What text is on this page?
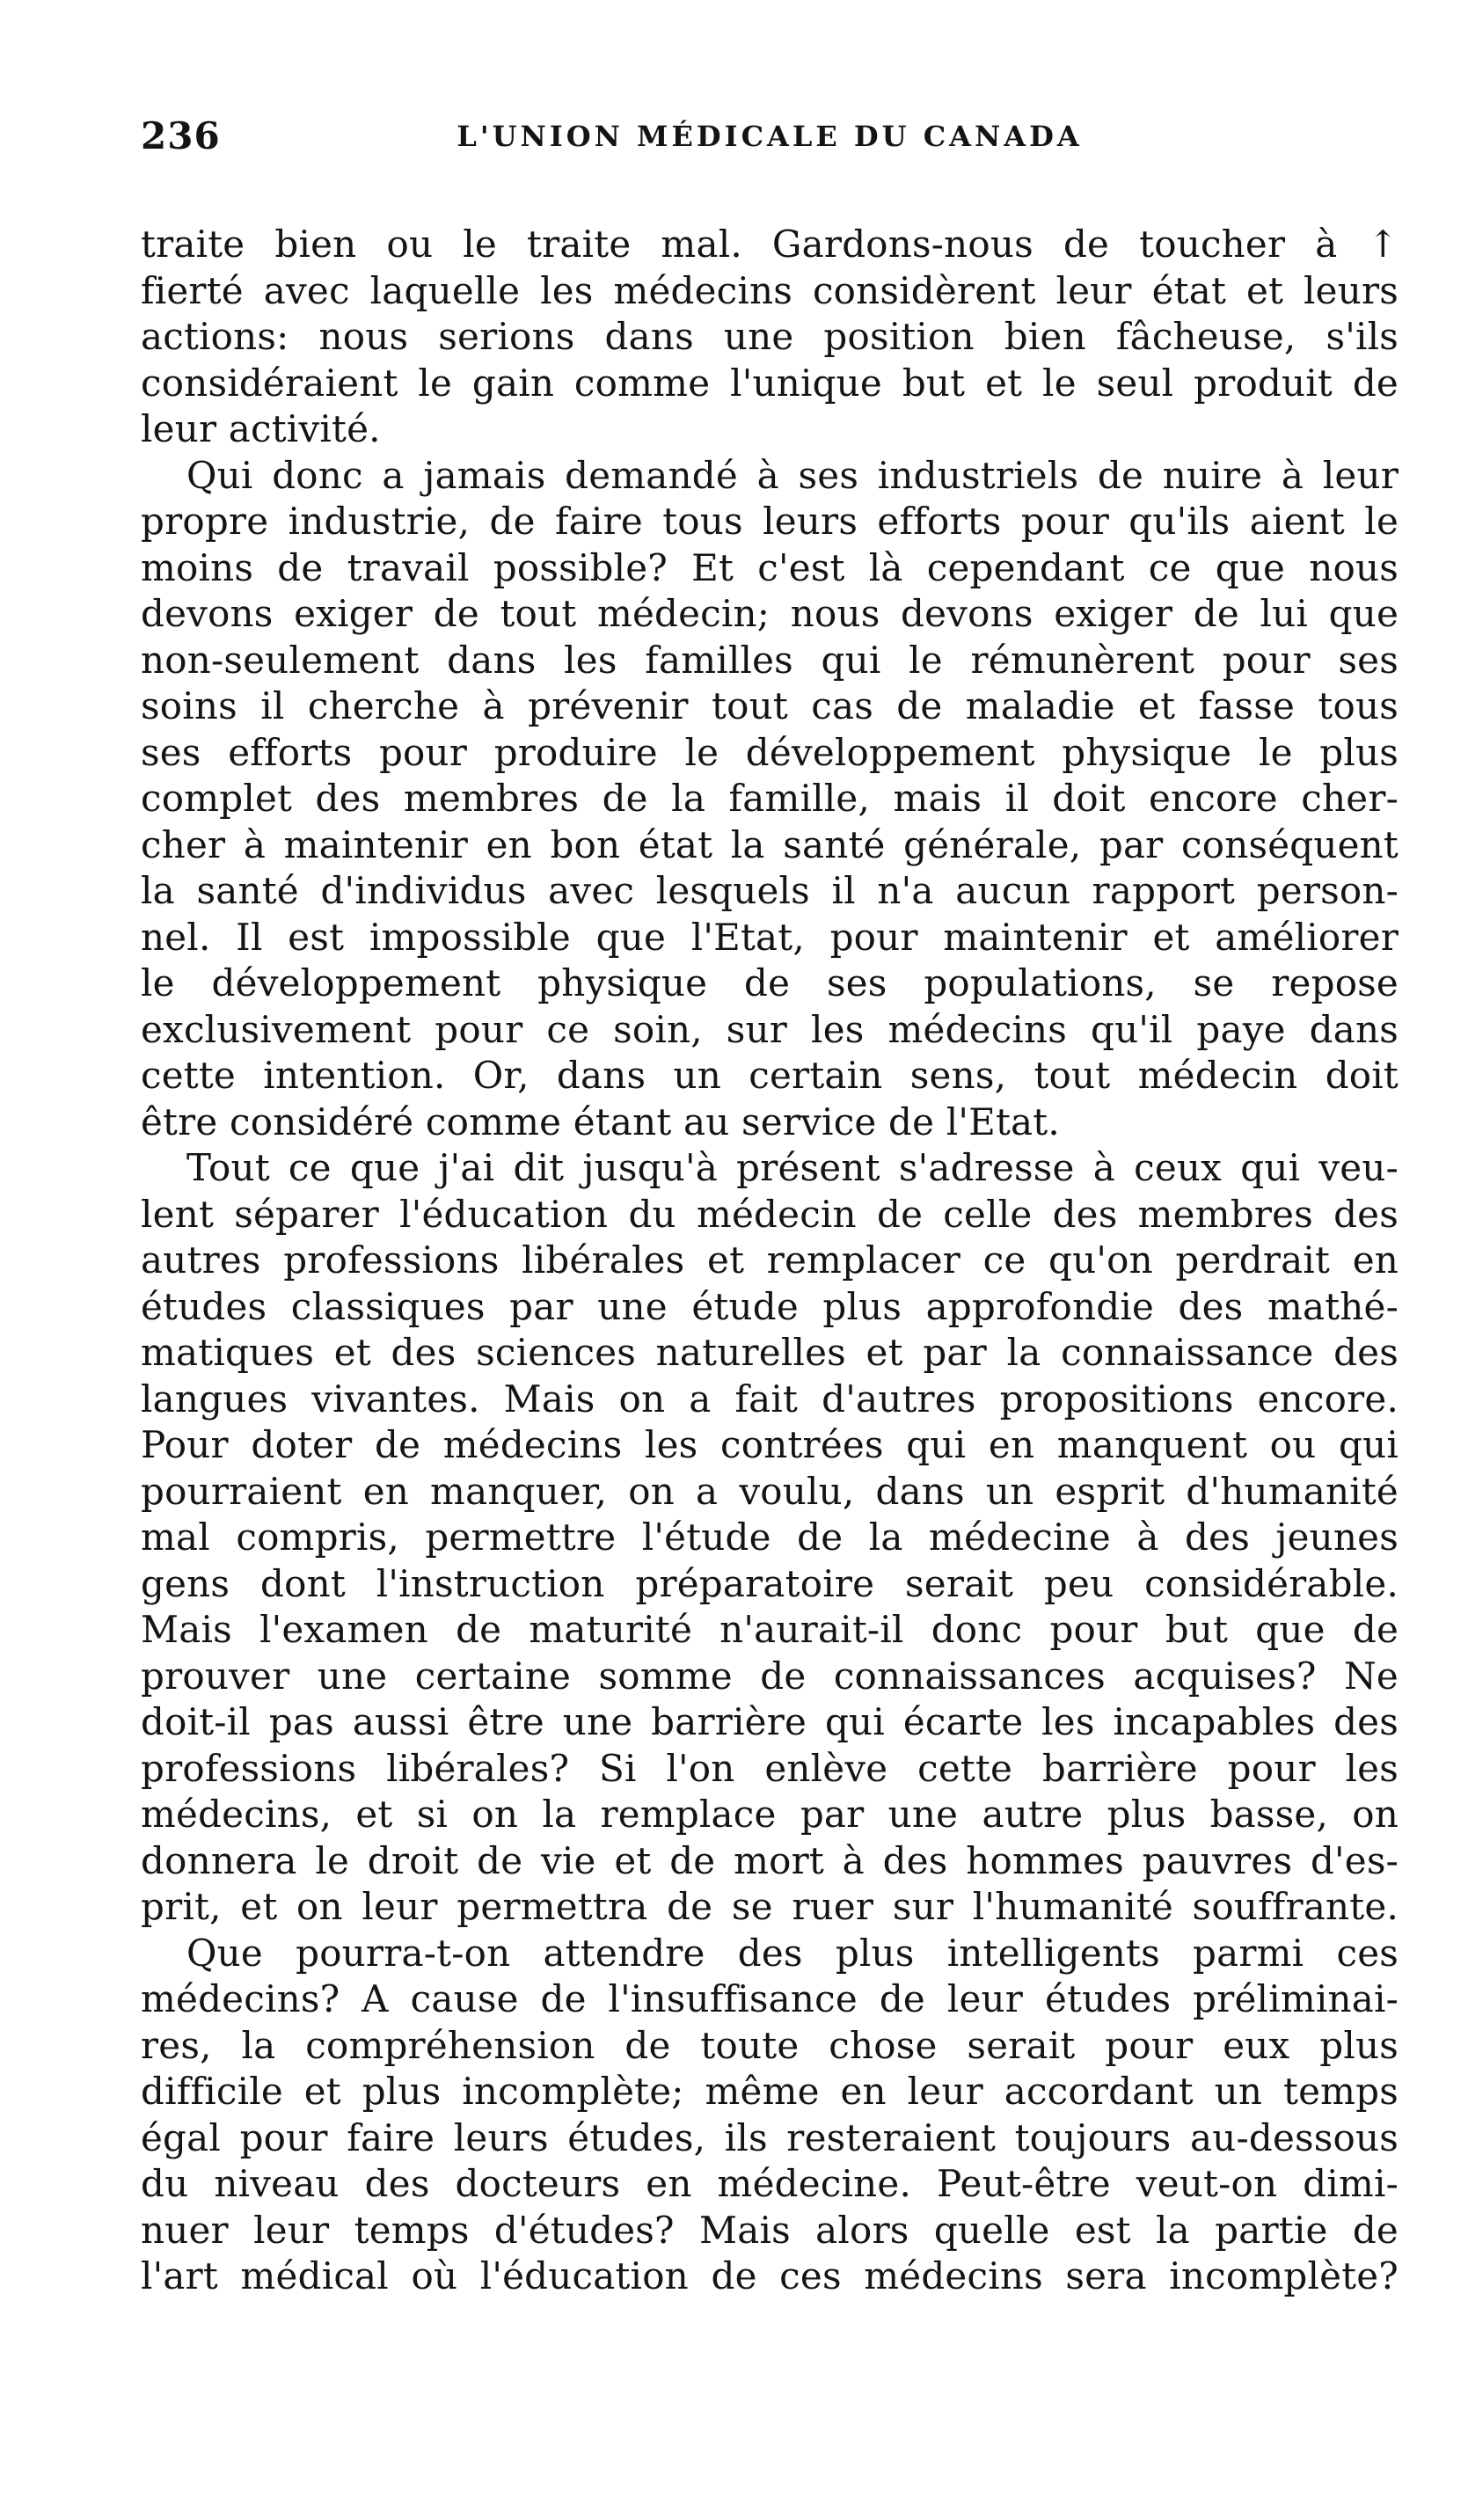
236	L'UNION MÉDICALE DU CANADA
traite bien ou le traite mal. Gardons-nous de toucher à ↑
fierté avec laquelle les médecins considèrent leur état et leurs
actions: nous serions dans une position bien fâcheuse, s'ils
considéraient le gain comme l'unique but et le seul produit de
leur activité.
Qui donc a jamais demandé à ses industriels de nuire à leur
propre industrie, de faire tous leurs efforts pour qu'ils aient le
moins de travail possible? Et c'est là cependant ce que nous
devons exiger de tout médecin; nous devons exiger de lui que
non-seulement dans les familles qui le rémunèrent pour ses
soins il cherche à prévenir tout cas de maladie et fasse tous
ses efforts pour produire le développement physique le plus
complet des membres de la famille, mais il doit encore cher-
cher à maintenir en bon état la santé générale, par conséquent
la santé d'individus avec lesquels il n'a aucun rapport person-
nel. Il est impossible que l'Etat, pour maintenir et améliorer
le développement physique de ses populations, se repose
exclusivement pour ce soin, sur les médecins qu'il paye dans
cette intention. Or, dans un certain sens, tout médecin doit
être considéré comme étant au service de l'Etat.
Tout ce que j'ai dit jusqu'à présent s'adresse à ceux qui veu-
lent séparer l'éducation du médecin de celle des membres des
autres professions libérales et remplacer ce qu'on perdrait en
études classiques par une étude plus approfondie des mathé-
matiques et des sciences naturelles et par la connaissance des
langues vivantes. Mais on a fait d'autres propositions encore.
Pour doter de médecins les contrées qui en manquent ou qui
pourraient en manquer, on a voulu, dans un esprit d'humanité
mal compris, permettre l'étude de la médecine à des jeunes
gens dont l'instruction préparatoire serait peu considérable.
Mais l'examen de maturité n'aurait-il donc pour but que de
prouver une certaine somme de connaissances acquises? Ne
doit-il pas aussi être une barrière qui écarte les incapables des
professions libérales? Si l'on enlève cette barrière pour les
médecins, et si on la remplace par une autre plus basse, on
donnera le droit de vie et de mort à des hommes pauvres d'es-
prit, et on leur permettra de se ruer sur l'humanité souffrante.
Que pourra-t-on attendre des plus intelligents parmi ces
médecins? A cause de l'insuffisance de leur études préliminai-
res, la compréhension de toute chose serait pour eux plus
difficile et plus incomplète; même en leur accordant un temps
égal pour faire leurs études, ils resteraient toujours au-dessous
du niveau des docteurs en médecine. Peut-être veut-on dimi-
nuer leur temps d'études? Mais alors quelle est la partie de
l'art médical où l'éducation de ces médecins sera incomplète?
